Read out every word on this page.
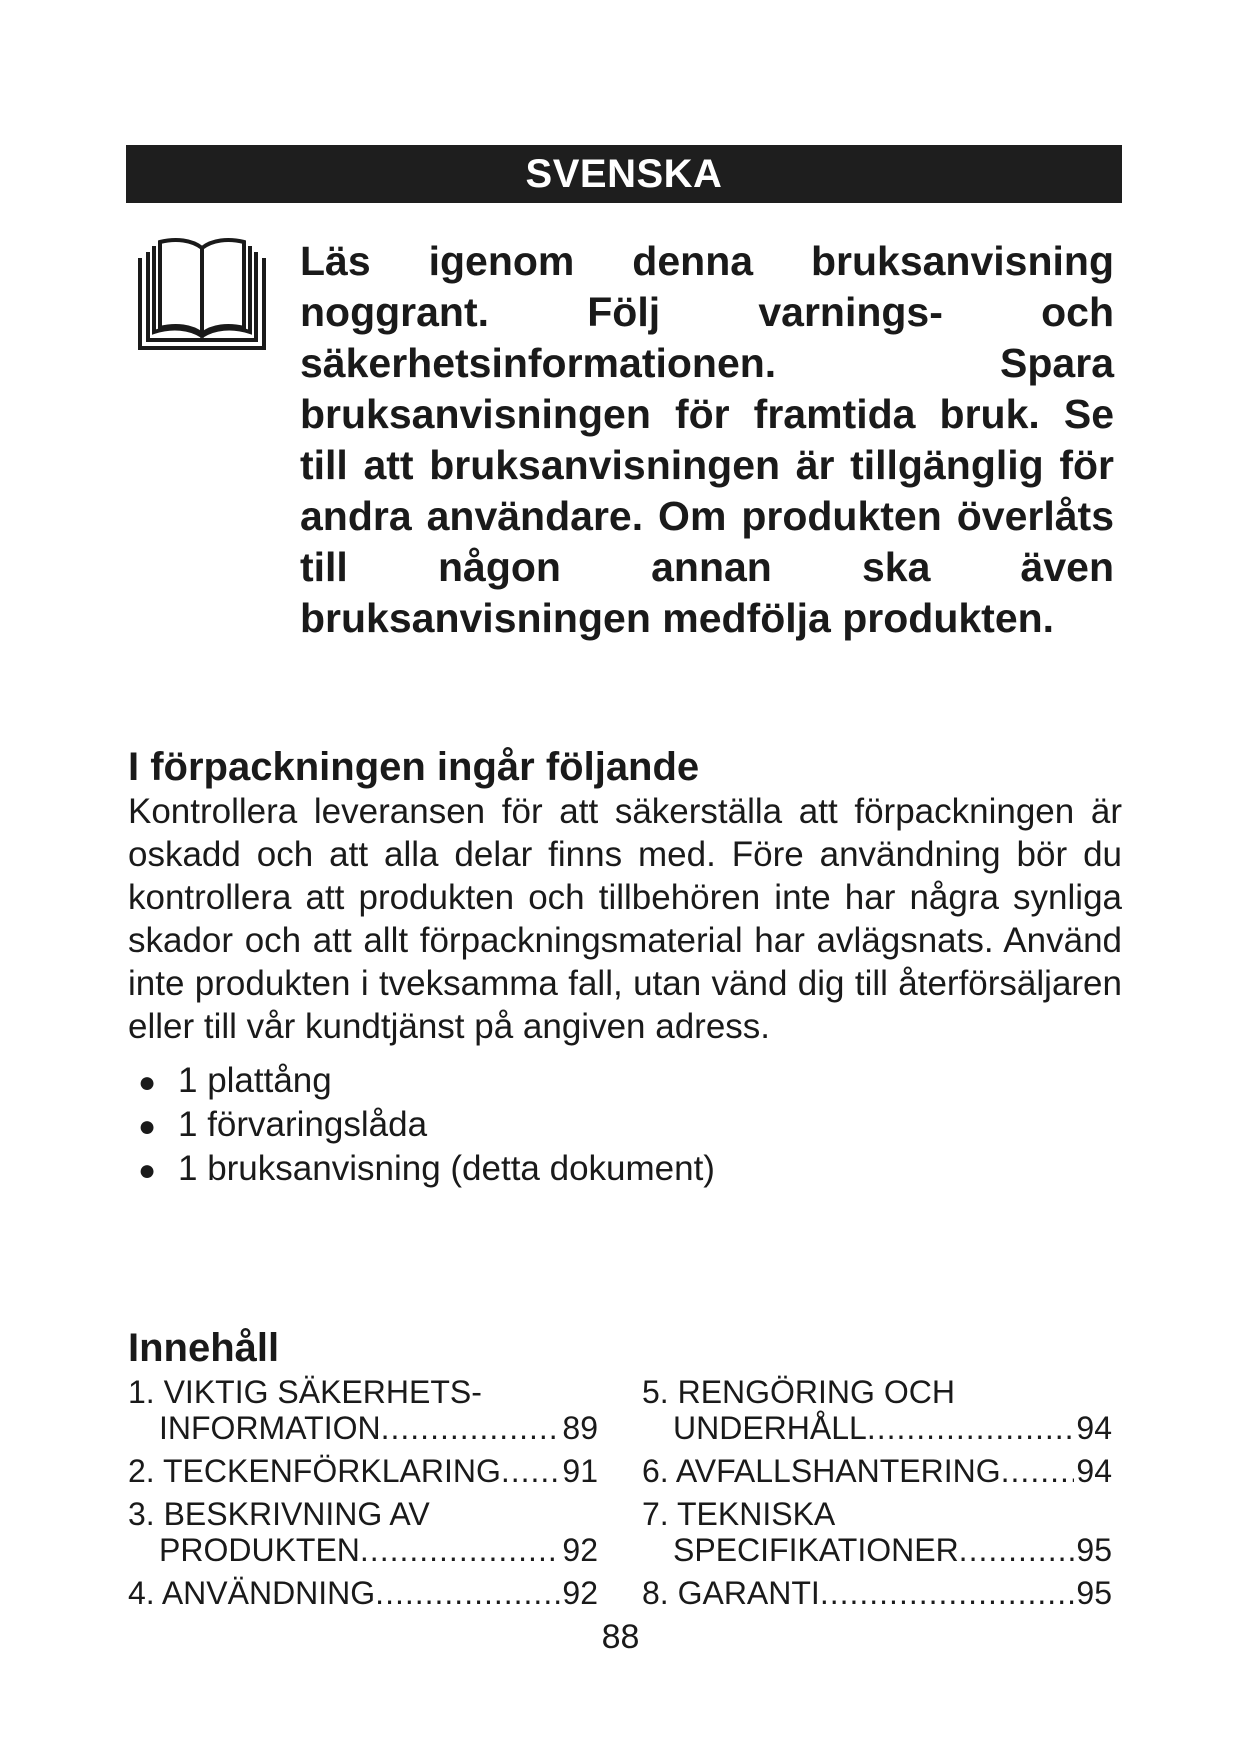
SVENSKA

Läs igenom denna bruksanvisning noggrant. Följ varnings- och säkerhetsinformationen. Spara bruksanvisningen för framtida bruk. Se till att bruksanvisningen är tillgänglig för andra användare. Om produkten överlåts till någon annan ska även bruksanvisningen medfölja produkten.

I förpackningen ingår följande

Kontrollera leveransen för att säkerställa att förpackningen är oskadd och att alla delar finns med. Före användning bör du kontrollera att produkten och tillbehören inte har några synliga skador och att allt förpackningsmaterial har avlägsnats. Använd inte produkten i tveksamma fall, utan vänd dig till återförsäljaren eller till vår kundtjänst på angiven adress.

● 1 plattång
● 1 förvaringslåda
● 1 bruksanvisning (detta dokument)
Innehåll
1. VIKTIG SÄKERHETS-
INFORMATION .....	89
2. TECKENFÖRKLARING ..... 91
3. BESKRIVNING AV
PRODUKTEN .....	92
4. ANVÄNDNING .....	92
5. RENGÖRING OCH
UNDERHÅLL .....	94
6. AVFALLSHANTERING ..... 94
7. TEKNISKA
SPECIFIKATIONER .....	95
8. GARANTI .....	95
88
